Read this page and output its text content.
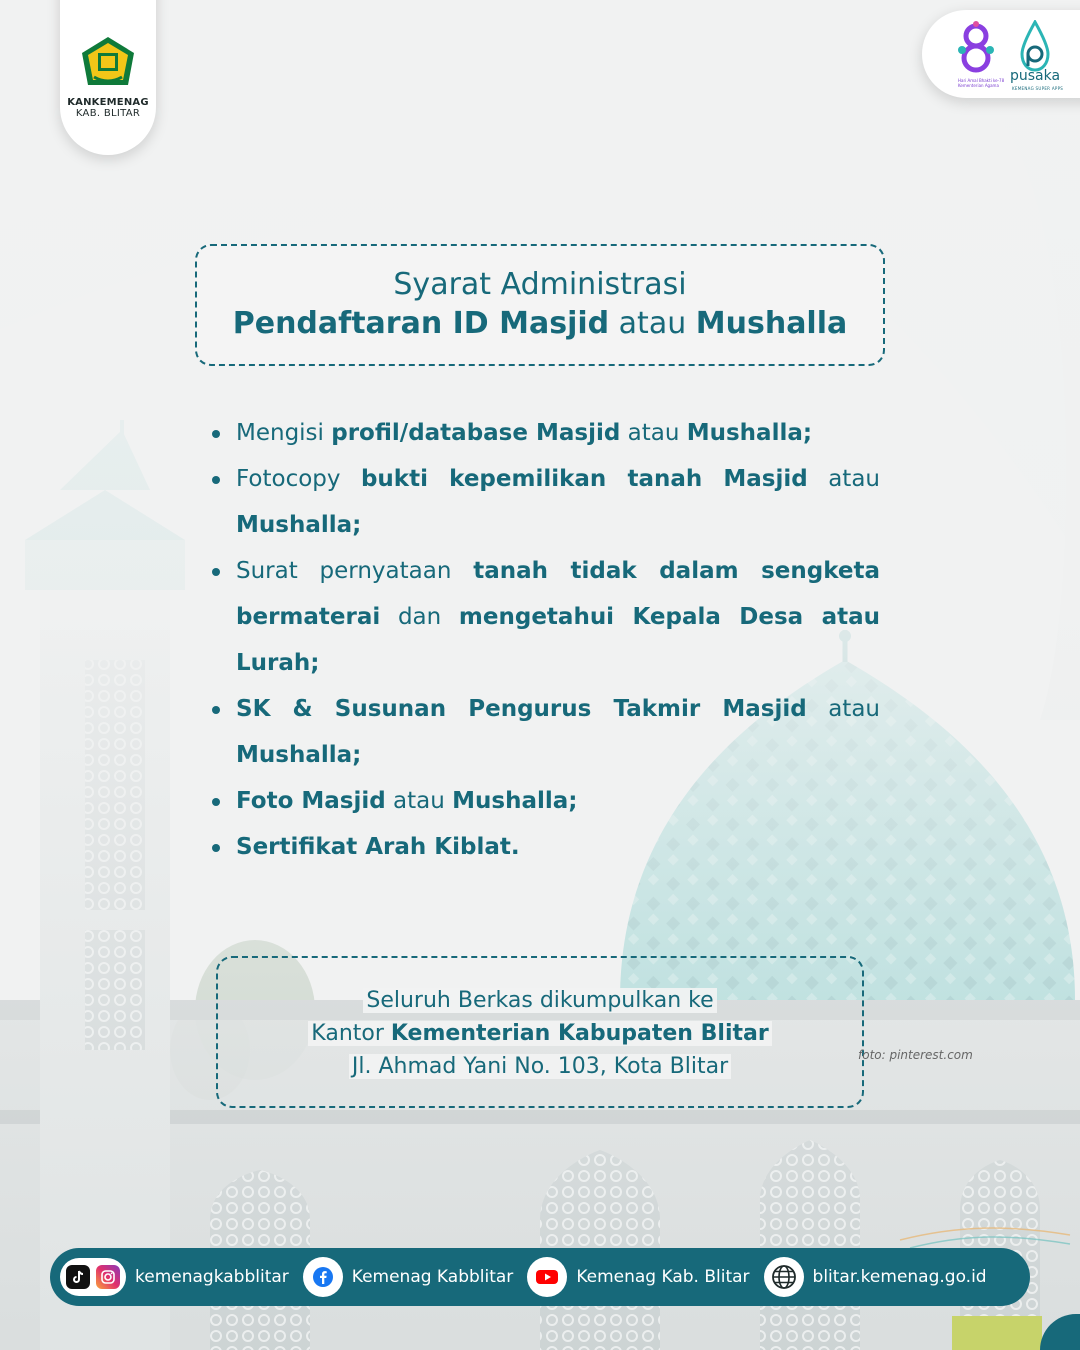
KANKEMENAG
KAB. BLITAR
Hari Amal Bhakti ke-78 Kementerian Agama
pusaka
KEMENAG SUPER APPS
Syarat Administrasi
Pendaftaran ID Masjid atau Mushalla
Mengisi profil/database Masjid atau Mushalla;
Fotocopy bukti kepemilikan tanah Masjid atau Mushalla;
Surat pernyataan tanah tidak dalam sengketa bermaterai dan mengetahui Kepala Desa atau Lurah;
SK & Susunan Pengurus Takmir Masjid atau Mushalla;
Foto Masjid atau Mushalla;
Sertifikat Arah Kiblat.
Seluruh Berkas dikumpulkan ke
Kantor Kementerian Kabupaten Blitar
Jl. Ahmad Yani No. 103, Kota Blitar	foto: pinterest.com
kemenagkabblitar	Kemenag Kabblitar	Kemenag Kab. Blitar	blitar.kemenag.go.id
